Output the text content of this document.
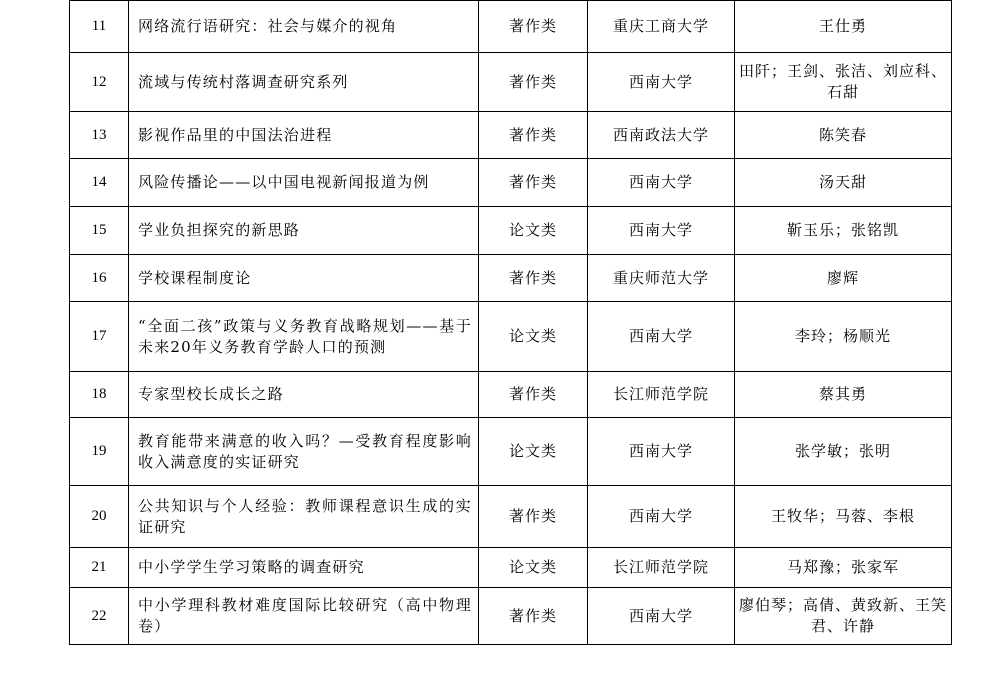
11	网络流行语研究：社会与媒介的视角	著作类	重庆工商大学	王仕勇
12	流域与传统村落调查研究系列	著作类	西南大学	田阡；王剑、张洁、刘应科、石甜
13	影视作品里的中国法治进程	著作类	西南政法大学	陈笑春
14	风险传播论——以中国电视新闻报道为例	著作类	西南大学	汤天甜
15	学业负担探究的新思路	论文类	西南大学	靳玉乐；张铭凯
16	学校课程制度论	著作类	重庆师范大学	廖辉
17	“全面二孩”政策与义务教育战略规划——基于未来20年义务教育学龄人口的预测	论文类	西南大学	李玲；杨顺光
18	专家型校长成长之路	著作类	长江师范学院	蔡其勇
19	教育能带来满意的收入吗？—受教育程度影响收入满意度的实证研究	论文类	西南大学	张学敏；张明
20	公共知识与个人经验：教师课程意识生成的实证研究	著作类	西南大学	王牧华；马蓉、李根
21	中小学学生学习策略的调查研究	论文类	长江师范学院	马郑豫；张家军
22	中小学理科教材难度国际比较研究（高中物理卷）	著作类	西南大学	廖伯琴；高倩、黄致新、王笑君、许静
